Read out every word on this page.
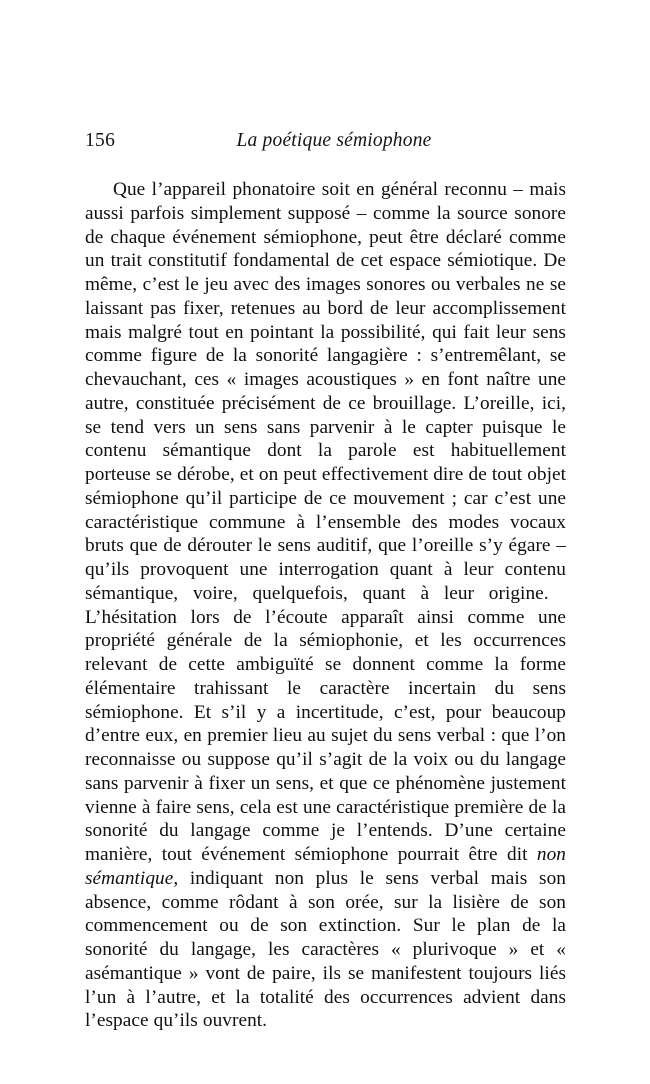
156	La poétique sémiophone

Que l’appareil phonatoire soit en général reconnu – mais aussi parfois simplement supposé – comme la source sonore de chaque événement sémiophone, peut être déclaré comme un trait constitutif fondamental de cet espace sémiotique. De même, c’est le jeu avec des images sonores ou verbales ne se laissant pas fixer, retenues au bord de leur accomplissement mais malgré tout en pointant la possibilité, qui fait leur sens comme figure de la sonorité langagière : s’entremêlant, se chevauchant, ces « images acoustiques » en font naître une autre, constituée précisément de ce brouillage. L’oreille, ici, se tend vers un sens sans parvenir à le capter puisque le contenu sémantique dont la parole est habituellement porteuse se dérobe, et on peut effectivement dire de tout objet sémiophone qu’il participe de ce mouvement ; car c’est une caractéristique commune à l’ensemble des modes vocaux bruts que de dérouter le sens auditif, que l’oreille s’y égare – qu’ils provoquent une interrogation quant à leur contenu sémantique, voire, quelquefois, quant à leur origine.L’hésitation lors de l’écoute apparaît ainsi comme une propriété générale de la sémiophonie, et les occurrences relevant de cette ambiguïté se donnent comme la forme élémentaire trahissant le caractère incertain du sens sémiophone. Et s’il y a incertitude, c’est, pour beaucoup d’entre eux, en premier lieu au sujet du sens verbal : que l’on reconnaisse ou suppose qu’il s’agit de la voix ou du langage sans parvenir à fixer un sens, et que ce phénomène justement vienne à faire sens, cela est une caractéristique première de la sonorité du langage comme je l’entends. D’une certaine manière, tout événement sémiophone pourrait être dit non sémantique, indiquant non plus le sens verbal mais son absence, comme rôdant à son orée, sur la lisière de son commencement ou de son extinction. Sur le plan de la sonorité du langage, les caractères « plurivoque » et « asémantique » vont de paire, ils se manifestent toujours liés l’un à l’autre, et la totalité des occurrences advient dans l’espace qu’ils ouvrent.
